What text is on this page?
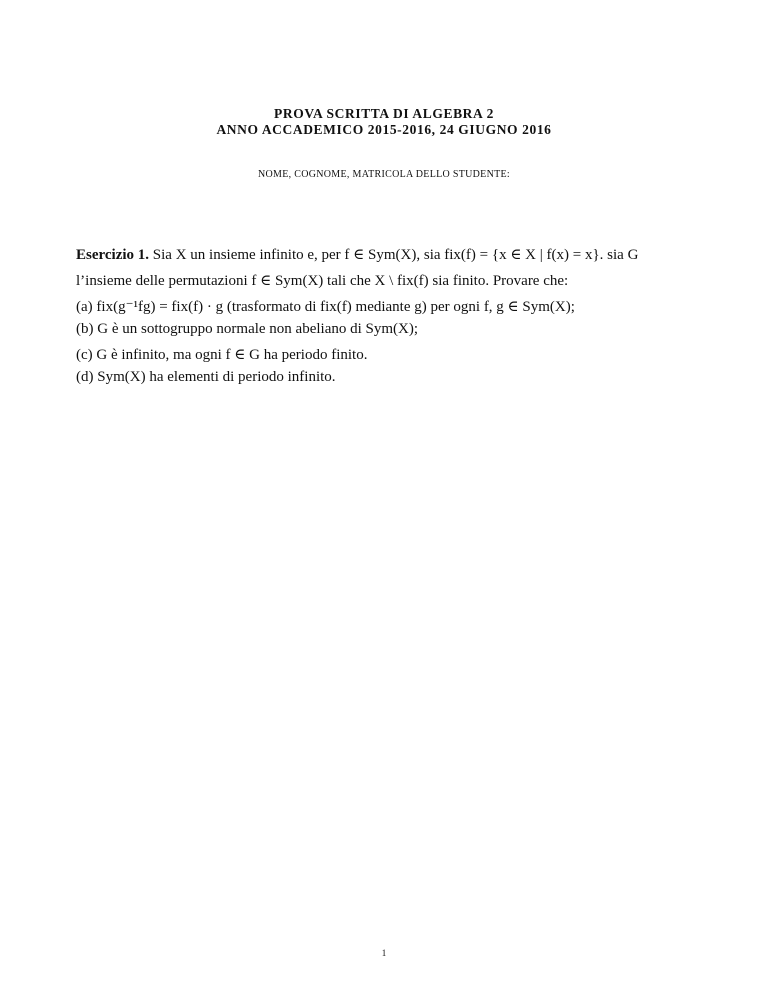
PROVA SCRITTA DI ALGEBRA 2
ANNO ACCADEMICO 2015-2016, 24 GIUGNO 2016
NOME, COGNOME, MATRICOLA DELLO STUDENTE:
Esercizio 1. Sia X un insieme infinito e, per f ∈ Sym(X), sia fix(f) = {x ∈ X | f(x) = x}. sia G
l’insieme delle permutazioni f ∈ Sym(X) tali che X \ fix(f) sia finito. Provare che:
(a) fix(g⁻¹fg) = fix(f) · g (trasformato di fix(f) mediante g) per ogni f, g ∈ Sym(X);
(b) G è un sottogruppo normale non abeliano di Sym(X);
(c) G è infinito, ma ogni f ∈ G ha periodo finito.
(d) Sym(X) ha elementi di periodo infinito.
1
